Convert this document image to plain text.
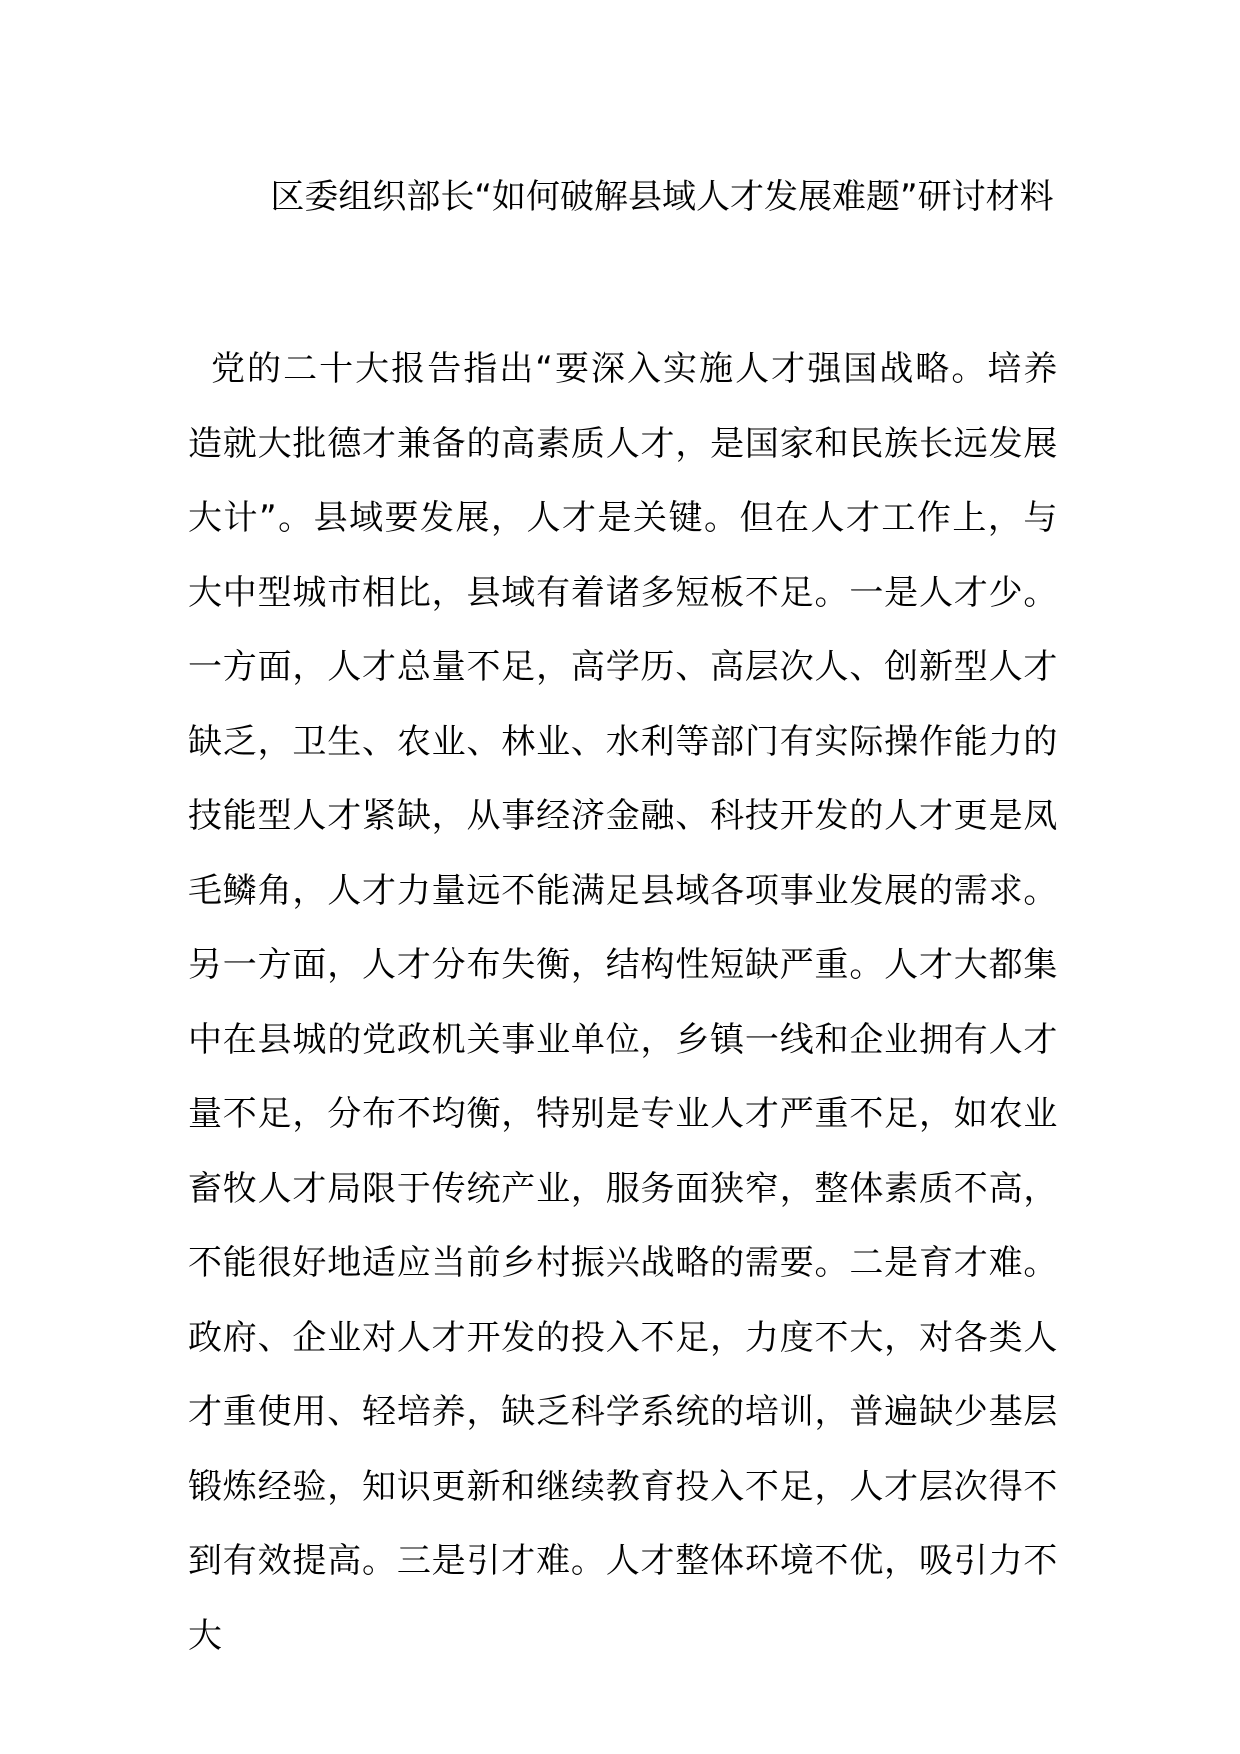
区委组织部长“如何破解县域人才发展难题”研讨材料

党的二十大报告指出“要深入实施人才强国战略。培养造就大批德才兼备的高素质人才，是国家和民族长远发展大计”。县域要发展，人才是关键。但在人才工作上，与大中型城市相比，县域有着诸多短板不足。一是人才少。一方面，人才总量不足，高学历、高层次人、创新型人才缺乏，卫生、农业、林业、水利等部门有实际操作能力的技能型人才紧缺，从事经济金融、科技开发的人才更是凤毛鳞角，人才力量远不能满足县域各项事业发展的需求。另一方面，人才分布失衡，结构性短缺严重。人才大都集中在县城的党政机关事业单位，乡镇一线和企业拥有人才量不足，分布不均衡，特别是专业人才严重不足，如农业畜牧人才局限于传统产业，服务面狭窄，整体素质不高，不能很好地适应当前乡村振兴战略的需要。二是育才难。政府、企业对人才开发的投入不足，力度不大，对各类人才重使用、轻培养，缺乏科学系统的培训，普遍缺少基层锻炼经验，知识更新和继续教育投入不足，人才层次得不到有效提高。三是引才难。人才整体环境不优，吸引力不大
